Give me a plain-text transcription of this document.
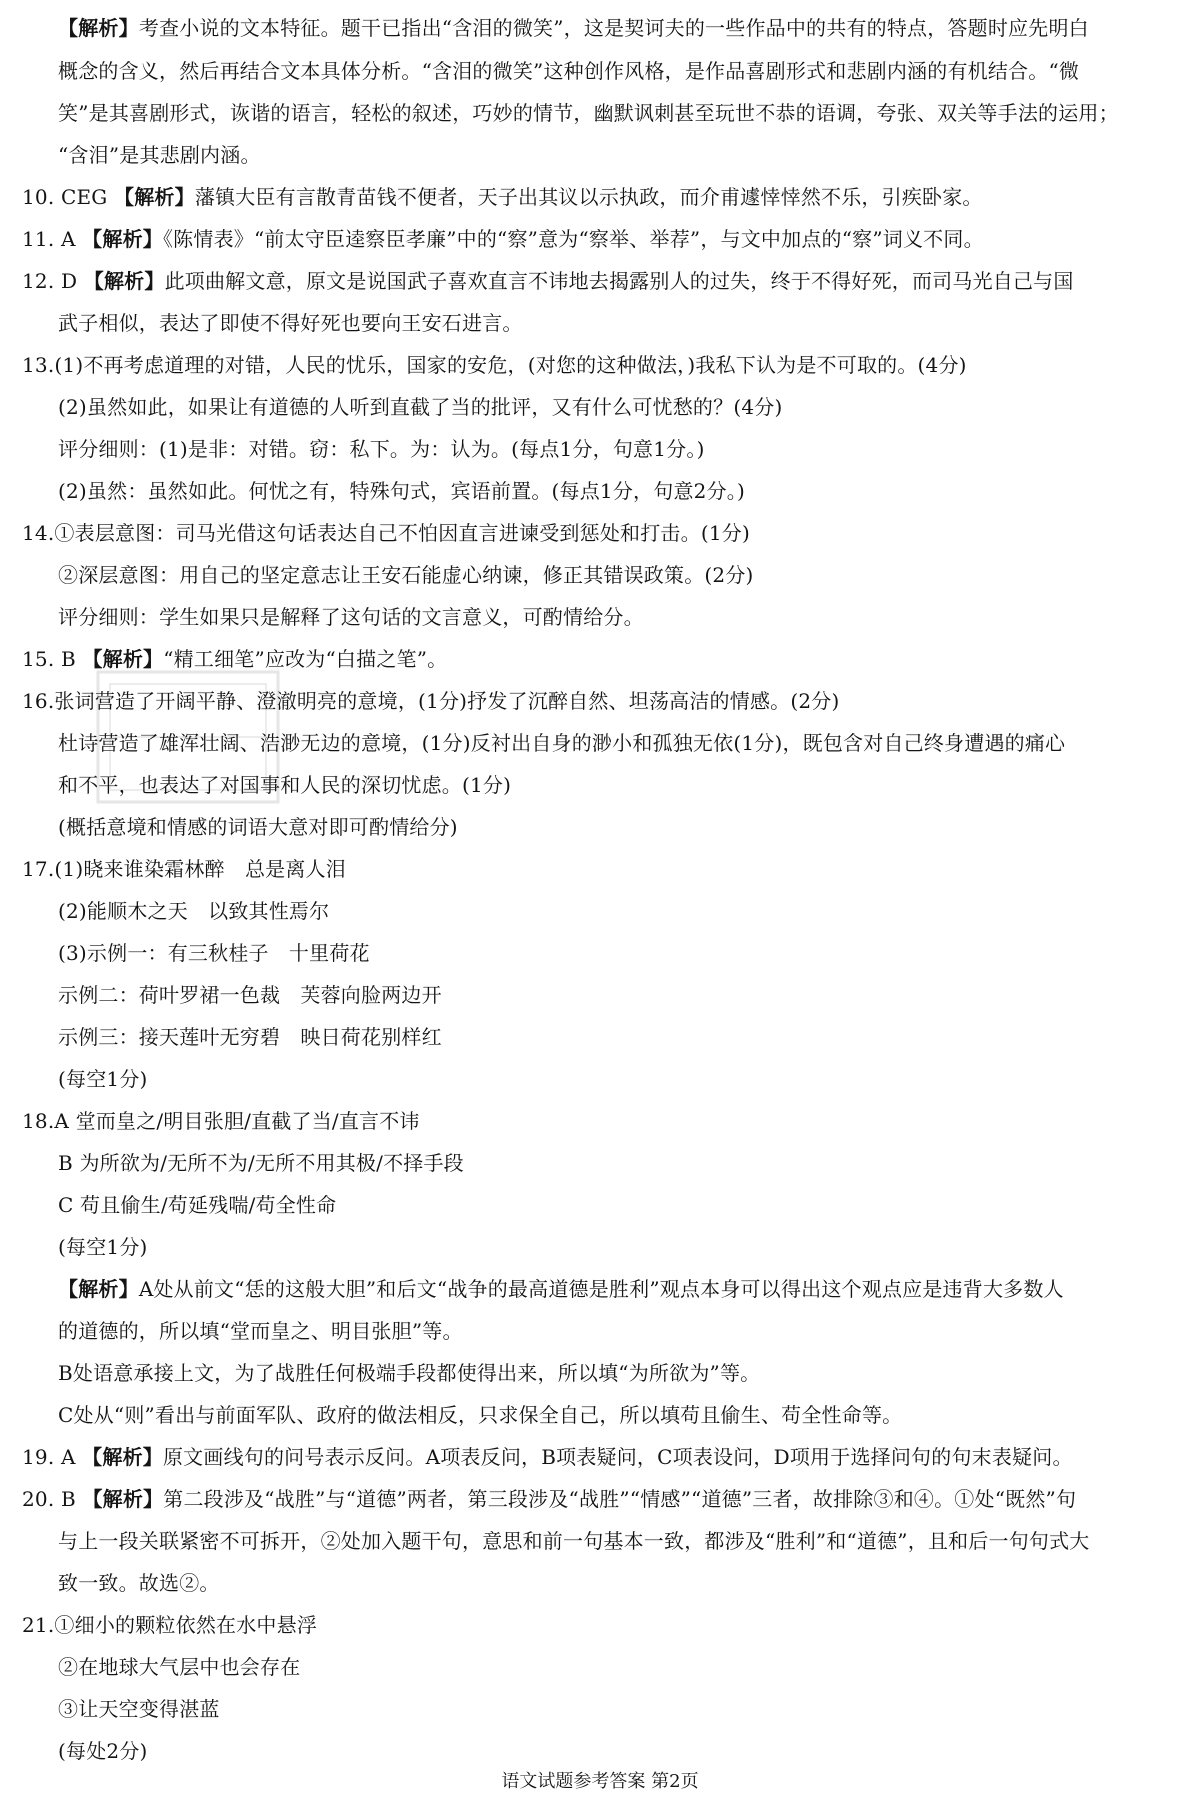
【解析】考查小说的文本特征。题干已指出“含泪的微笑”，这是契诃夫的一些作品中的共有的特点，答题时应先明白
概念的含义，然后再结合文本具体分析。“含泪的微笑”这种创作风格，是作品喜剧形式和悲剧内涵的有机结合。“微
笑”是其喜剧形式，诙谐的语言，轻松的叙述，巧妙的情节，幽默讽刺甚至玩世不恭的语调，夸张、双关等手法的运用；
“含泪”是其悲剧内涵。
10. CEG 【解析】藩镇大臣有言散青苗钱不便者，天子出其议以示执政，而介甫遽悻悻然不乐，引疾卧家。
11. A 【解析】《陈情表》“前太守臣逵察臣孝廉”中的“察”意为“察举、举荐”，与文中加点的“察”词义不同。
12. D 【解析】此项曲解文意，原文是说国武子喜欢直言不讳地去揭露别人的过失，终于不得好死，而司马光自己与国
武子相似，表达了即使不得好死也要向王安石进言。
13.(1)不再考虑道理的对错，人民的忧乐，国家的安危，(对您的这种做法，)我私下认为是不可取的。(4分)
(2)虽然如此，如果让有道德的人听到直截了当的批评，又有什么可忧愁的？(4分)
评分细则：(1)是非：对错。窃：私下。为：认为。(每点1分，句意1分。)
(2)虽然：虽然如此。何忧之有，特殊句式，宾语前置。(每点1分，句意2分。)
14.①表层意图：司马光借这句话表达自己不怕因直言进谏受到惩处和打击。(1分)
②深层意图：用自己的坚定意志让王安石能虚心纳谏，修正其错误政策。(2分)
评分细则：学生如果只是解释了这句话的文言意义，可酌情给分。
15. B 【解析】“精工细笔”应改为“白描之笔”。
16.张词营造了开阔平静、澄澈明亮的意境，(1分)抒发了沉醉自然、坦荡高洁的情感。(2分)
杜诗营造了雄浑壮阔、浩渺无边的意境，(1分)反衬出自身的渺小和孤独无依(1分)，既包含对自己终身遭遇的痛心
和不平，也表达了对国事和人民的深切忧虑。(1分)
(概括意境和情感的词语大意对即可酌情给分)
17.(1)晓来谁染霜林醉　总是离人泪
(2)能顺木之天　以致其性焉尔
(3)示例一：有三秋桂子　十里荷花
示例二：荷叶罗裙一色裁　芙蓉向脸两边开
示例三：接天莲叶无穷碧　映日荷花别样红
(每空1分)
18.A 堂而皇之/明目张胆/直截了当/直言不讳
B 为所欲为/无所不为/无所不用其极/不择手段
C 苟且偷生/苟延残喘/苟全性命
(每空1分)
【解析】A处从前文“恁的这般大胆”和后文“战争的最高道德是胜利”观点本身可以得出这个观点应是违背大多数人
的道德的，所以填“堂而皇之、明目张胆”等。
B处语意承接上文，为了战胜任何极端手段都使得出来，所以填“为所欲为”等。
C处从“则”看出与前面军队、政府的做法相反，只求保全自己，所以填苟且偷生、苟全性命等。
19. A 【解析】原文画线句的问号表示反问。A项表反问，B项表疑问，C项表设问，D项用于选择问句的句末表疑问。
20. B 【解析】第二段涉及“战胜”与“道德”两者，第三段涉及“战胜”“情感”“道德”三者，故排除③和④。①处“既然”句
与上一段关联紧密不可拆开，②处加入题干句，意思和前一句基本一致，都涉及“胜利”和“道德”，且和后一句句式大
致一致。故选②。
21.①细小的颗粒依然在水中悬浮
②在地球大气层中也会存在
③让天空变得湛蓝
(每处2分)
语文试题参考答案 第2页
